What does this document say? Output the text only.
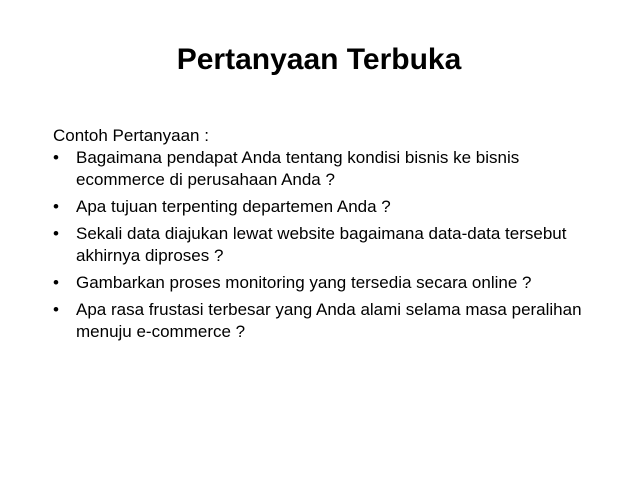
Pertanyaan Terbuka
Contoh Pertanyaan :
•	Bagaimana pendapat Anda tentang kondisi bisnis ke bisnis ecommerce di perusahaan Anda ?
•	Apa tujuan terpenting departemen Anda ?
•	Sekali data diajukan lewat website bagaimana data-data tersebut akhirnya diproses ?
•	Gambarkan proses monitoring yang tersedia secara online ?
•	Apa rasa frustasi terbesar yang Anda alami selama masa peralihan menuju e-commerce ?
